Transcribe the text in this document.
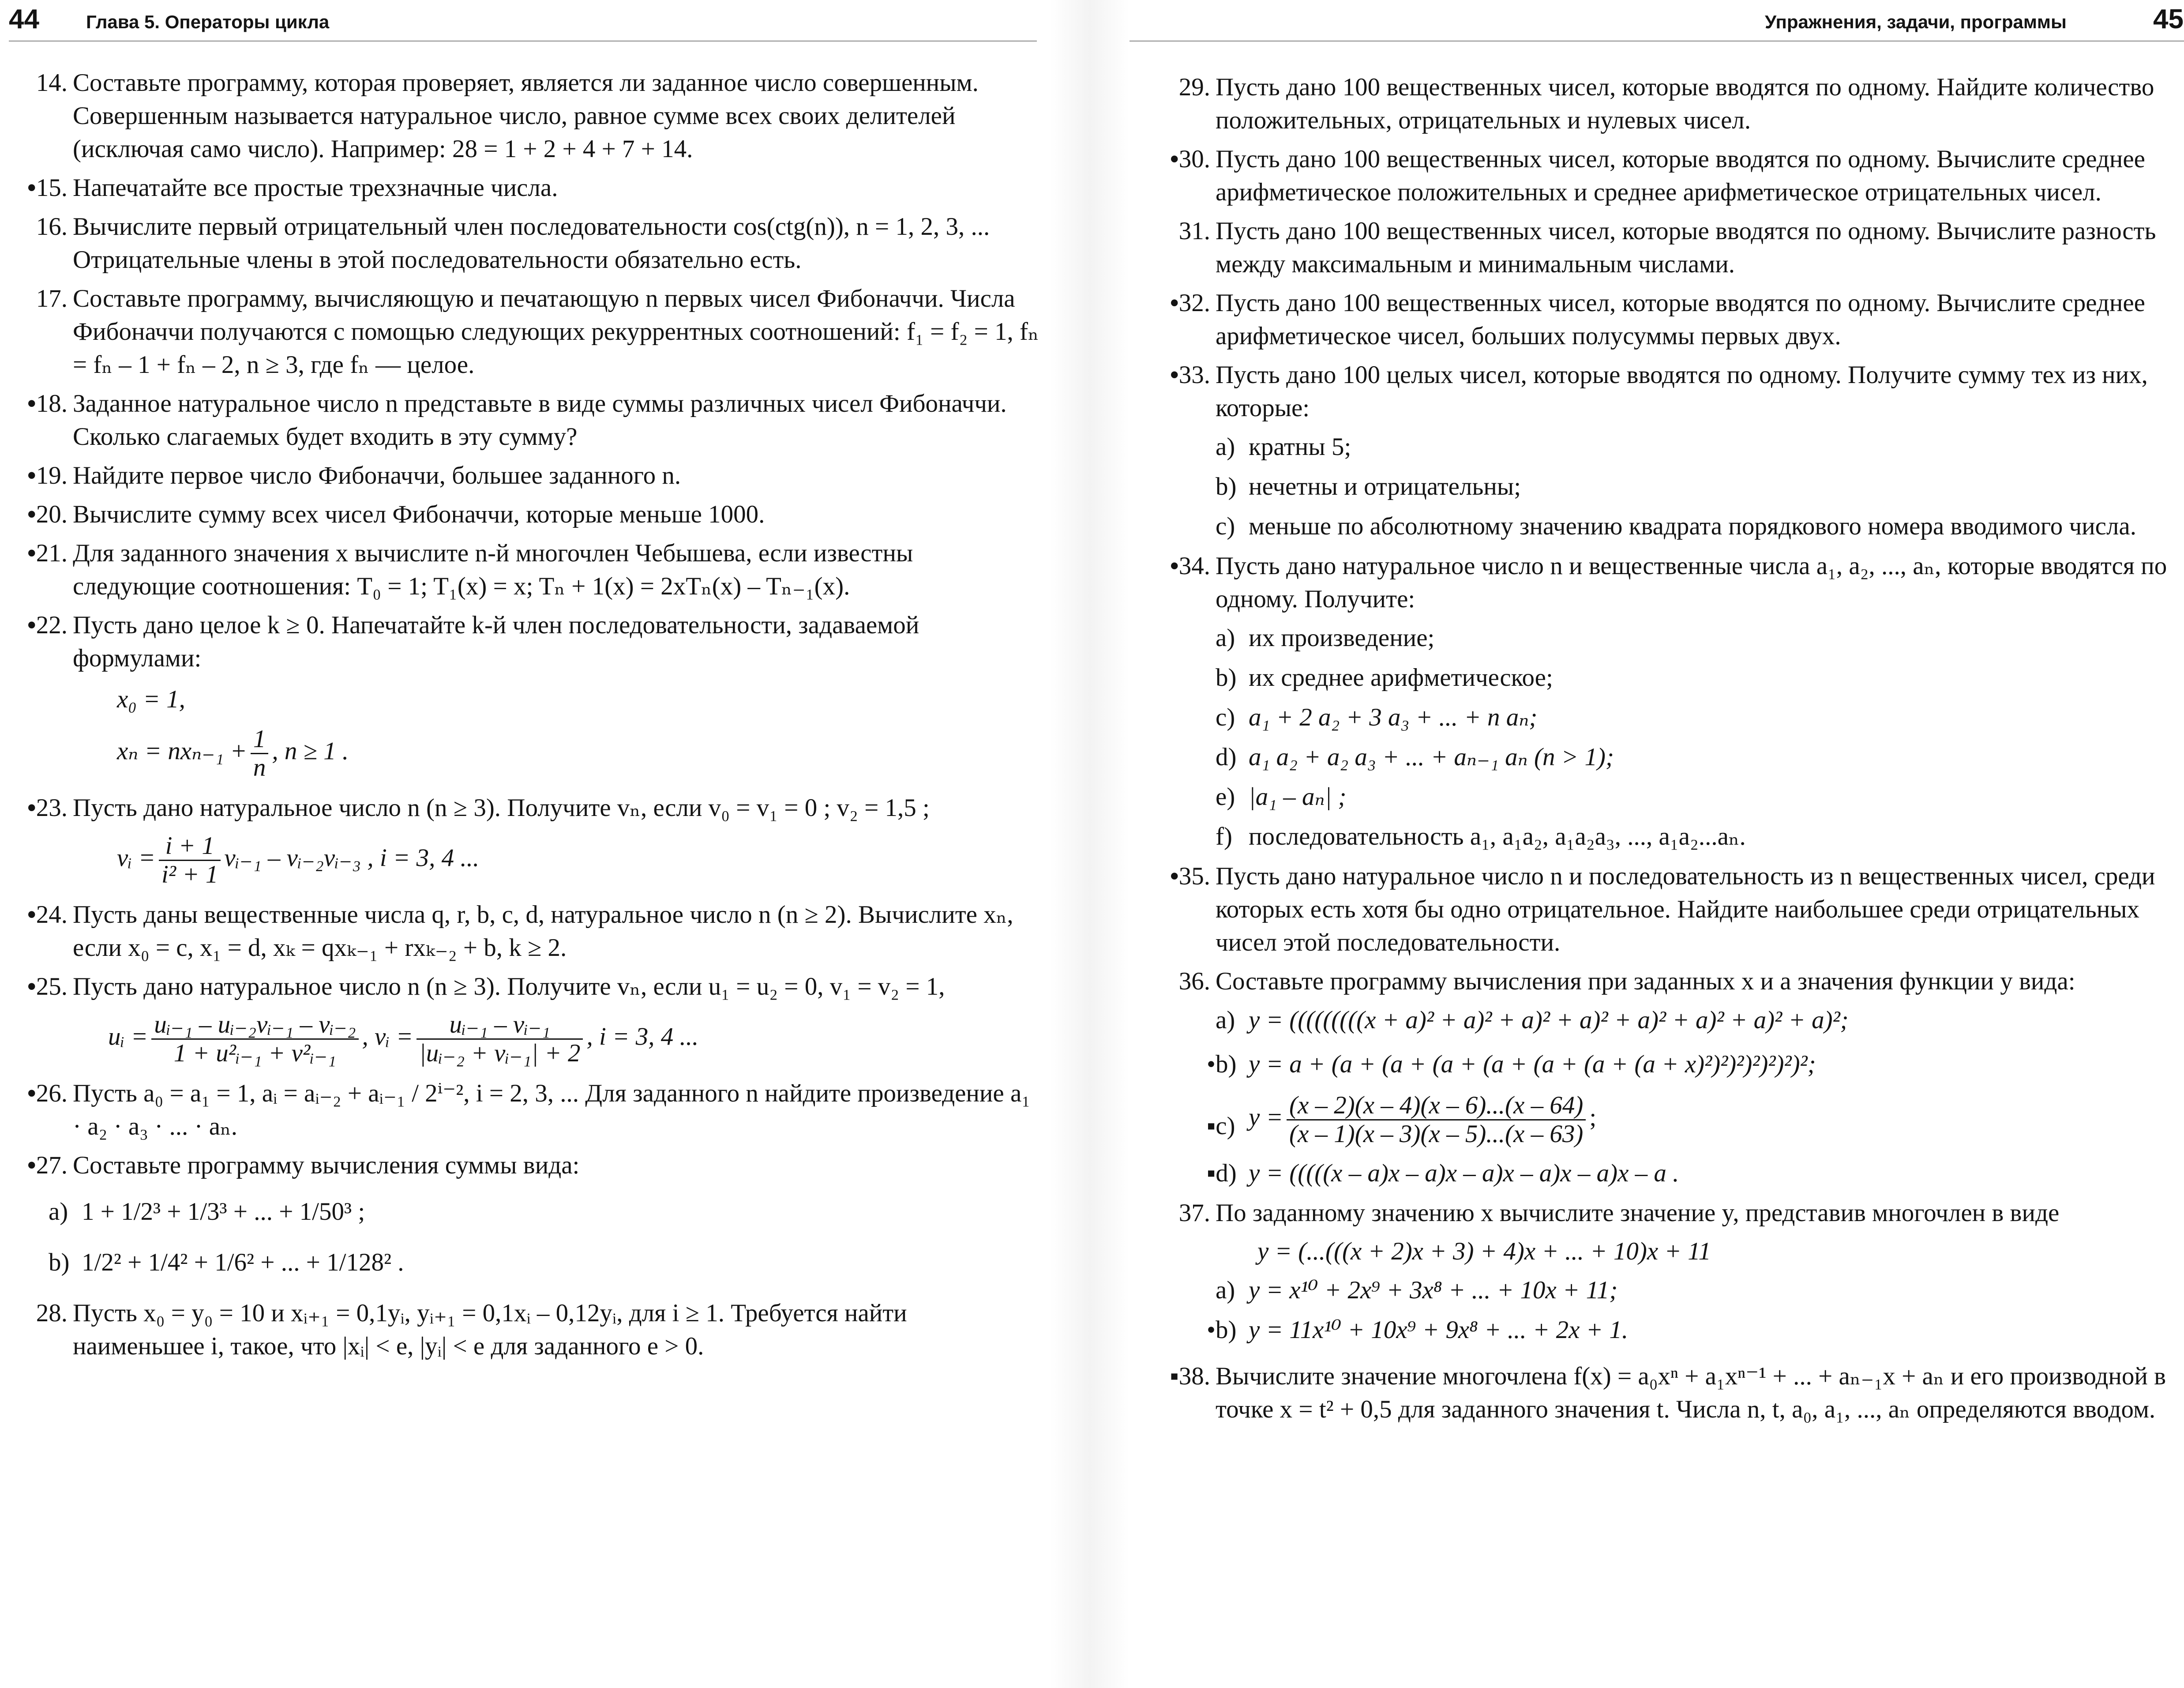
44	Глава 5. Операторы цикла
14. Составьте программу, которая проверяет, является ли заданное число совершенным. Совершенным называется натуральное число, равное сумме всех своих делителей (исключая само число). Например: 28 = 1 + 2 + 4 + 7 + 14.
•15. Напечатайте все простые трехзначные числа.
16. Вычислите первый отрицательный член последовательности cos(ctg(n)), n = 1, 2, 3, ... Отрицательные члены в этой последовательности обязательно есть.
17. Составьте программу, вычисляющую и печатающую n первых чисел Фибоначчи. Числа Фибоначчи получаются с помощью следующих рекуррентных соотношений: f₁ = f₂ = 1, fₙ = fₙ – 1 + fₙ – 2, n ≥ 3, где fₙ — целое.
•18. Заданное натуральное число n представьте в виде суммы различных чисел Фибоначчи. Сколько слагаемых будет входить в эту сумму?
•19. Найдите первое число Фибоначчи, большее заданного n.
•20. Вычислите сумму всех чисел Фибоначчи, которые меньше 1000.
•21. Для заданного значения x вычислите n-й многочлен Чебышева, если известны следующие соотношения: T₀ = 1; T₁(x) = x; Tₙ + 1(x) = 2xTₙ(x) – Tₙ₋₁(x).
•22. Пусть дано целое k ≥ 0. Напечатайте k-й член последовательности, задаваемой формулами:
x₀ = 1,
$x_n = nx_{n-1} + \frac{1}{n}$ , n ≥ 1 .
•23. Пусть дано натуральное число n (n ≥ 3). Получите vₙ, если v₀ = v₁ = 0 ; v₂ = 1,5 ;
vᵢ = $\frac{i + 1}{\text{i² + 1}}$ vᵢ₋₁ – vᵢ₋₂vᵢ₋₃ , i = 3, 4 ...
•24. Пусть даны вещественные числа q, r, b, c, d, натуральное число n (n ≥ 2). Вычислите xₙ, если x₀ = c, x₁ = d, xₖ = qxₖ₋₁ + rxₖ₋₂ + b, k ≥ 2.
•25. Пусть дано натуральное число n (n ≥ 3). Получите vₙ, если u₁ = u₂ = 0, v₁ = v₂ = 1,
uᵢ = $\frac{\text{uᵢ₋₁ – uᵢ₋₂vᵢ₋₁ – vᵢ₋₂}}{\text{1 + u²ᵢ₋₁ + v²ᵢ₋₁}}$ , vᵢ = $\frac{\text{uᵢ₋₁ – vᵢ₋₁}}{\text{|uᵢ₋₂ + vᵢ₋₁| + 2}}$ , i = 3, 4 ...
•26. Пусть a₀ = a₁ = 1, aᵢ = aᵢ₋₂ + aᵢ₋₁ / 2ⁱ⁻², i = 2, 3, ... Для заданного n найдите произведение a₁ · a₂ · a₃ · ... · aₙ.
•27. Составьте программу вычисления суммы вида:
a) 1 + 1/2³ + 1/3³ + ... + 1/50³ ;
b) 1/2² + 1/4² + 1/6² + ... + 1/128² .
28. Пусть x₀ = y₀ = 10 и xᵢ₊₁ = 0,1yᵢ, yᵢ₊₁ = 0,1xᵢ – 0,12yᵢ, для i ≥ 1. Требуется найти наименьшее i, такое, что |xᵢ| < e, |yᵢ| < e для заданного e > 0.
Упражнения, задачи, программы	45
29. Пусть дано 100 вещественных чисел, которые вводятся по одному. Найдите количество положительных, отрицательных и нулевых чисел.
•30. Пусть дано 100 вещественных чисел, которые вводятся по одному. Вычислите среднее арифметическое положительных и среднее арифметическое отрицательных чисел.
31. Пусть дано 100 вещественных чисел, которые вводятся по одному. Вычислите разность между максимальным и минимальным числами.
•32. Пусть дано 100 вещественных чисел, которые вводятся по одному. Вычислите среднее арифметическое чисел, больших полусуммы первых двух.
•33. Пусть дано 100 целых чисел, которые вводятся по одному. Получите сумму тех из них, которые:
a) кратны 5;
b) нечетны и отрицательны;
c) меньше по абсолютному значению квадрата порядкового номера вводимого числа.
•34. Пусть дано натуральное число n и вещественные числа a₁, a₂, ..., aₙ, которые вводятся по одному. Получите:
a) их произведение;
b) их среднее арифметическое;
c) a₁ + 2 a₂ + 3 a₃ + ... + n aₙ;
d) a₁ a₂ + a₂ a₃ + ... + aₙ₋₁ aₙ (n > 1);
e) |a₁ – aₙ| ;
f) последовательность a₁, a₁a₂, a₁a₂a₃, ..., a₁a₂...aₙ.
•35. Пусть дано натуральное число n и последовательность из n вещественных чисел, среди которых есть хотя бы одно отрицательное. Найдите наибольшее среди отрицательных чисел этой последовательности.
36. Составьте программу вычисления при заданных x и a значения функции y вида:
a) y = (((((((((x + a)² + a)² + a)² + a)² + a)² + a)² + a)² + a)²;
•b) y = a + (a + (a + (a + (a + (a + (a + (a + x)²)²)²)²)²)²)²;
▪c) $y = \frac{(x - 2)(x - 4)(x - 6)...(x - 64)}{(x - 1)(x - 3)(x - 5)...(x - 63)}$ ;
▪d) y = (((((x – a)x – a)x – a)x – a)x – a)x – a .
37. По заданному значению x вычислите значение y, представив многочлен в виде
y = (...(((x + 2)x + 3) + 4)x + ... + 10)x + 11
a) y = x¹⁰ + 2x⁹ + 3x⁸ + ... + 10x + 11;
•b) y = 11x¹⁰ + 10x⁹ + 9x⁸ + ... + 2x + 1.
▪38. Вычислите значение многочлена f(x) = a₀xⁿ + a₁xⁿ⁻¹ + ... + aₙ₋₁x + aₙ и его производной в точке x = t² + 0,5 для заданного значения t. Числа n, t, a₀, a₁, ..., aₙ определяются вводом.
